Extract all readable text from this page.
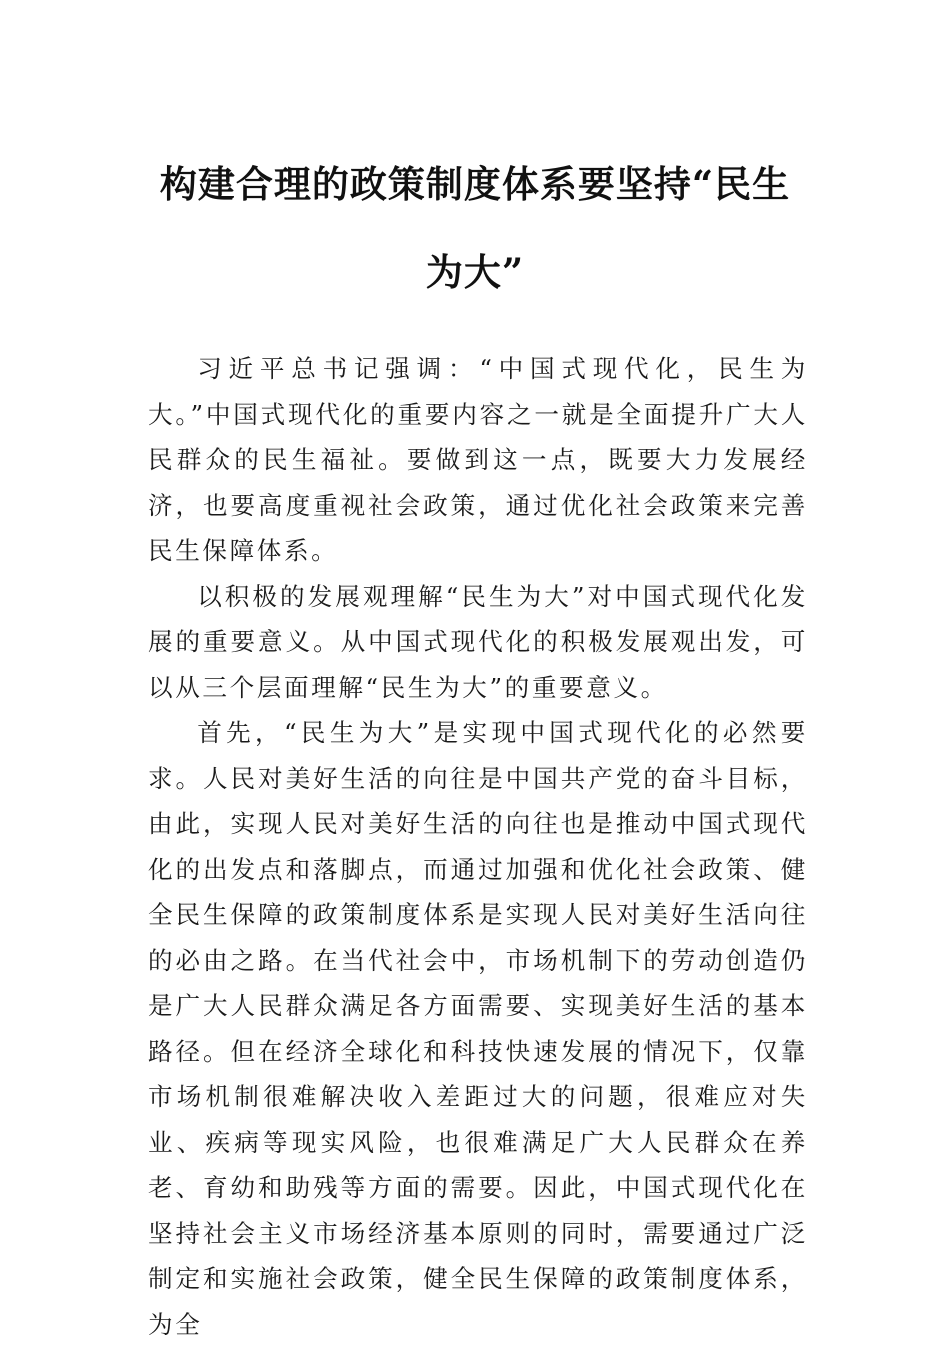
构建合理的政策制度体系要坚持“民生为大”

习近平总书记强调：“中国式现代化，民生为大。”中国式现代化的重要内容之一就是全面提升广大人民群众的民生福祉。要做到这一点，既要大力发展经济，也要高度重视社会政策，通过优化社会政策来完善民生保障体系。

以积极的发展观理解“民生为大”对中国式现代化发展的重要意义。从中国式现代化的积极发展观出发，可以从三个层面理解“民生为大”的重要意义。

首先，“民生为大”是实现中国式现代化的必然要求。人民对美好生活的向往是中国共产党的奋斗目标，由此，实现人民对美好生活的向往也是推动中国式现代化的出发点和落脚点，而通过加强和优化社会政策、健全民生保障的政策制度体系是实现人民对美好生活向往的必由之路。在当代社会中，市场机制下的劳动创造仍是广大人民群众满足各方面需要、实现美好生活的基本路径。但在经济全球化和科技快速发展的情况下，仅靠市场机制很难解决收入差距过大的问题，很难应对失业、疾病等现实风险，也很难满足广大人民群众在养老、育幼和助残等方面的需要。因此，中国式现代化在坚持社会主义市场经济基本原则的同时，需要通过广泛制定和实施社会政策，健全民生保障的政策制度体系，为全
